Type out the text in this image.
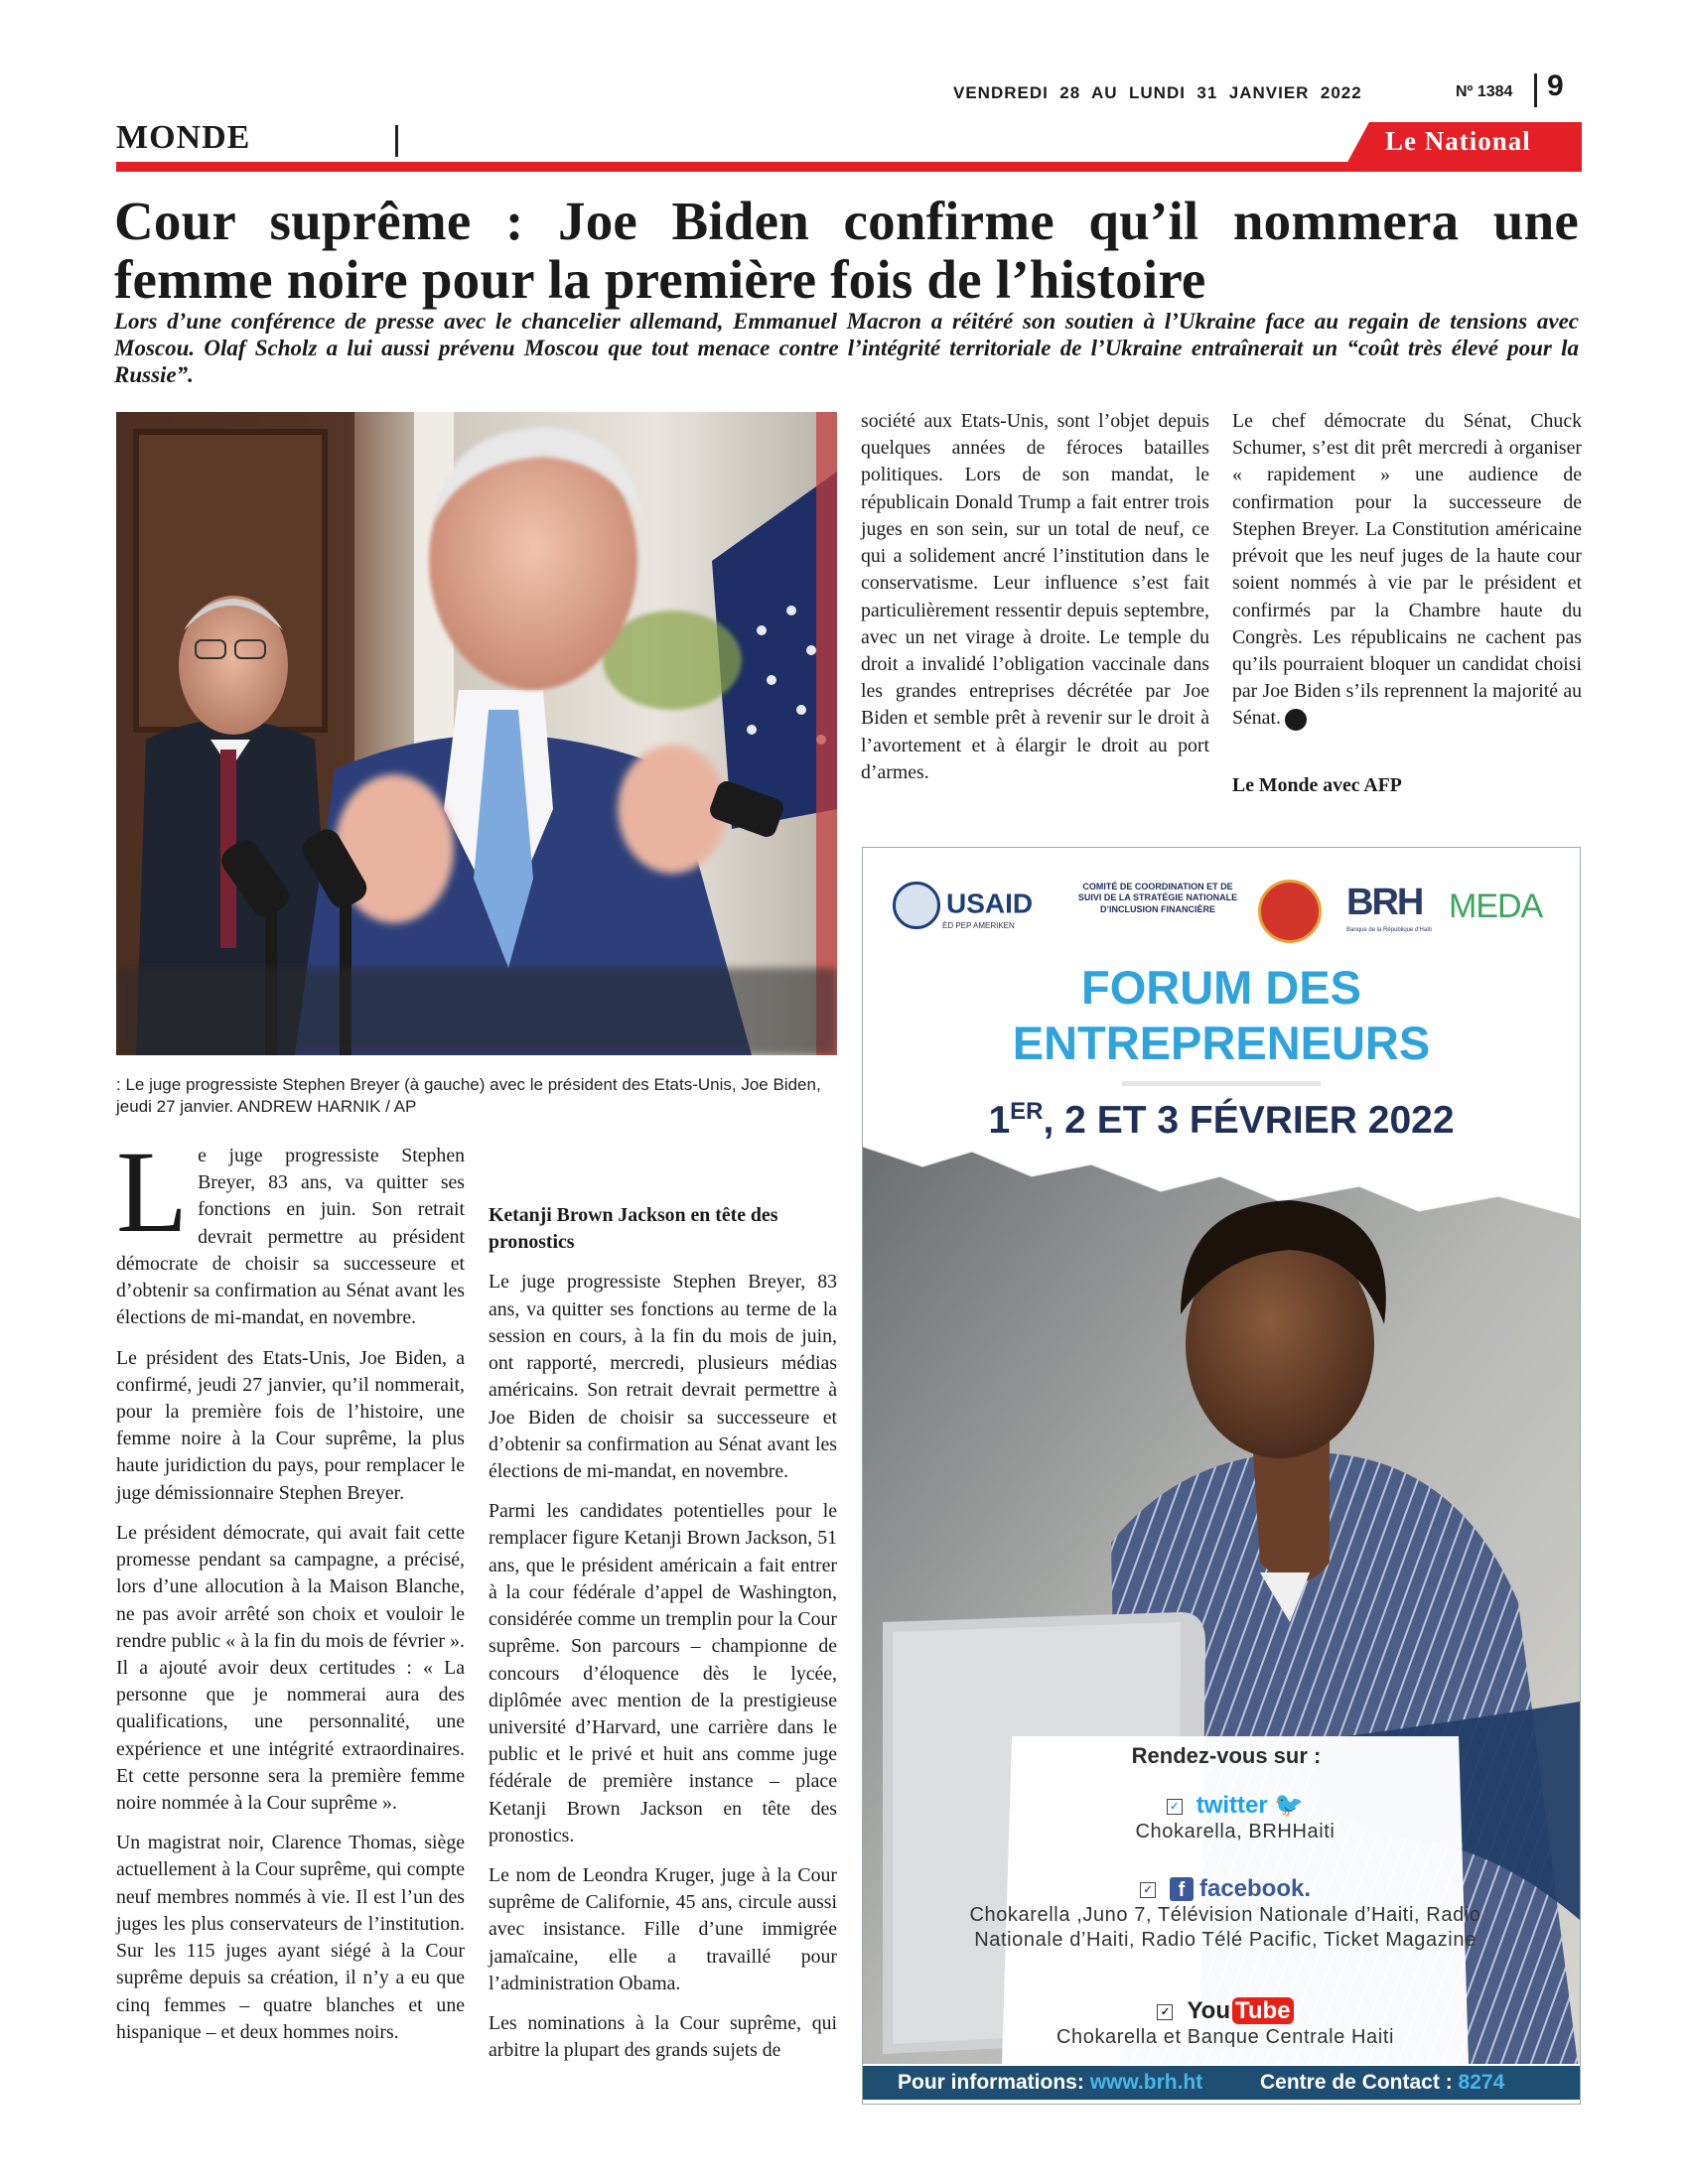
VENDREDI  28  AU  LUNDI  31  JANVIER  2022	Nº 1384 9
MONDE	Le National
Cour suprême : Joe Biden confirme qu’il nommera une femme noire pour la première fois de l’histoire
Lors d’une conférence de presse avec le chancelier allemand, Emmanuel Macron a réitéré son soutien à l’Ukraine face au regain de tensions avec Moscou. Olaf Scholz a lui aussi prévenu Moscou que tout menace contre l’intégrité territoriale de l’Ukraine entraînerait un “coût très élevé pour la Russie”.
: Le juge progressiste Stephen Breyer (à gauche) avec le président des Etats-Unis, Joe Biden, jeudi 27 janvier. ANDREW HARNIK / AP

Le juge progressiste Stephen Breyer, 83 ans, va quitter ses fonctions en juin. Son retrait devrait permettre au président démocrate de choisir sa successeure et d’obtenir sa confirmation au Sénat avant les élections de mi-mandat, en novembre.

Le président des Etats-Unis, Joe Biden, a confirmé, jeudi 27 janvier, qu’il nommerait, pour la première fois de l’histoire, une femme noire à la Cour suprême, la plus haute juridiction du pays, pour remplacer le juge démissionnaire Stephen Breyer.

Le président démocrate, qui avait fait cette promesse pendant sa campagne, a précisé, lors d’une allocution à la Maison Blanche, ne pas avoir arrêté son choix et vouloir le rendre public « à la fin du mois de février ». Il a ajouté avoir deux certitudes : « La personne que je nommerai aura des qualifications, une personnalité, une expérience et une intégrité extraordinaires. Et cette personne sera la première femme noire nommée à la Cour suprême ».

Un magistrat noir, Clarence Thomas, siège actuellement à la Cour suprême, qui compte neuf membres nommés à vie. Il est l’un des juges les plus conservateurs de l’institution. Sur les 115 juges ayant siégé à la Cour suprême depuis sa création, il n’y a eu que cinq femmes – quatre blanches et une hispanique – et deux hommes noirs.

Ketanji Brown Jackson en tête des pronostics

Le juge progressiste Stephen Breyer, 83 ans, va quitter ses fonctions au terme de la session en cours, à la fin du mois de juin, ont rapporté, mercredi, plusieurs médias américains. Son retrait devrait permettre à Joe Biden de choisir sa successeure et d’obtenir sa confirmation au Sénat avant les élections de mi-mandat, en novembre.

Parmi les candidates potentielles pour le remplacer figure Ketanji Brown Jackson, 51 ans, que le président américain a fait entrer à la cour fédérale d’appel de Washington, considérée comme un tremplin pour la Cour suprême. Son parcours – championne de concours d’éloquence dès le lycée, diplômée avec mention de la prestigieuse université d’Harvard, une carrière dans le public et le privé et huit ans comme juge fédérale de première instance – place Ketanji Brown Jackson en tête des pronostics.

Le nom de Leondra Kruger, juge à la Cour suprême de Californie, 45 ans, circule aussi avec insistance. Fille d’une immigrée jamaïcaine, elle a travaillé pour l’administration Obama.

Les nominations à la Cour suprême, qui arbitre la plupart des grands sujets de

société aux Etats-Unis, sont l’objet depuis quelques années de féroces batailles politiques. Lors de son mandat, le républicain Donald Trump a fait entrer trois juges en son sein, sur un total de neuf, ce qui a solidement ancré l’institution dans le conservatisme. Leur influence s’est fait particulièrement ressentir depuis septembre, avec un net virage à droite. Le temple du droit a invalidé l’obligation vaccinale dans les grandes entreprises décrétée par Joe Biden et semble prêt à revenir sur le droit à l’avortement et à élargir le droit au port d’armes.

Le chef démocrate du Sénat, Chuck Schumer, s’est dit prêt mercredi à organiser « rapidement » une audience de confirmation pour la successeure de Stephen Breyer. La Constitution américaine prévoit que les neuf juges de la haute cour soient nommés à vie par le président et confirmés par la Chambre haute du Congrès. Les républicains ne cachent pas qu’ils pourraient bloquer un candidat choisi par Joe Biden s’ils reprennent la majorité au Sénat.

Le Monde avec AFP

USAID
ÈD PEP AMERIKEN
COMITÉ DE COORDINATION ET DE SUIVI DE LA STRATÉGIE NATIONALE D’INCLUSION FINANCIÈRE	BRH
Banque de la République d'Haïti
MEDA
FORUM DES
ENTREPRENEURS
1ER, 2 ET 3 FÉVRIER 2022
Rendez-vous sur :
✓ twitter 🐦
Chokarella, BRHHaiti
✓ f facebook.
Chokarella ,Juno 7, Télévision Nationale d’Haiti, Radio Nationale d’Haiti, Radio Télé Pacific, Ticket Magazine
✓ You Tube
Chokarella et Banque Centrale Haiti
Pour informations: www.brh.ht	Centre de Contact : 8274
